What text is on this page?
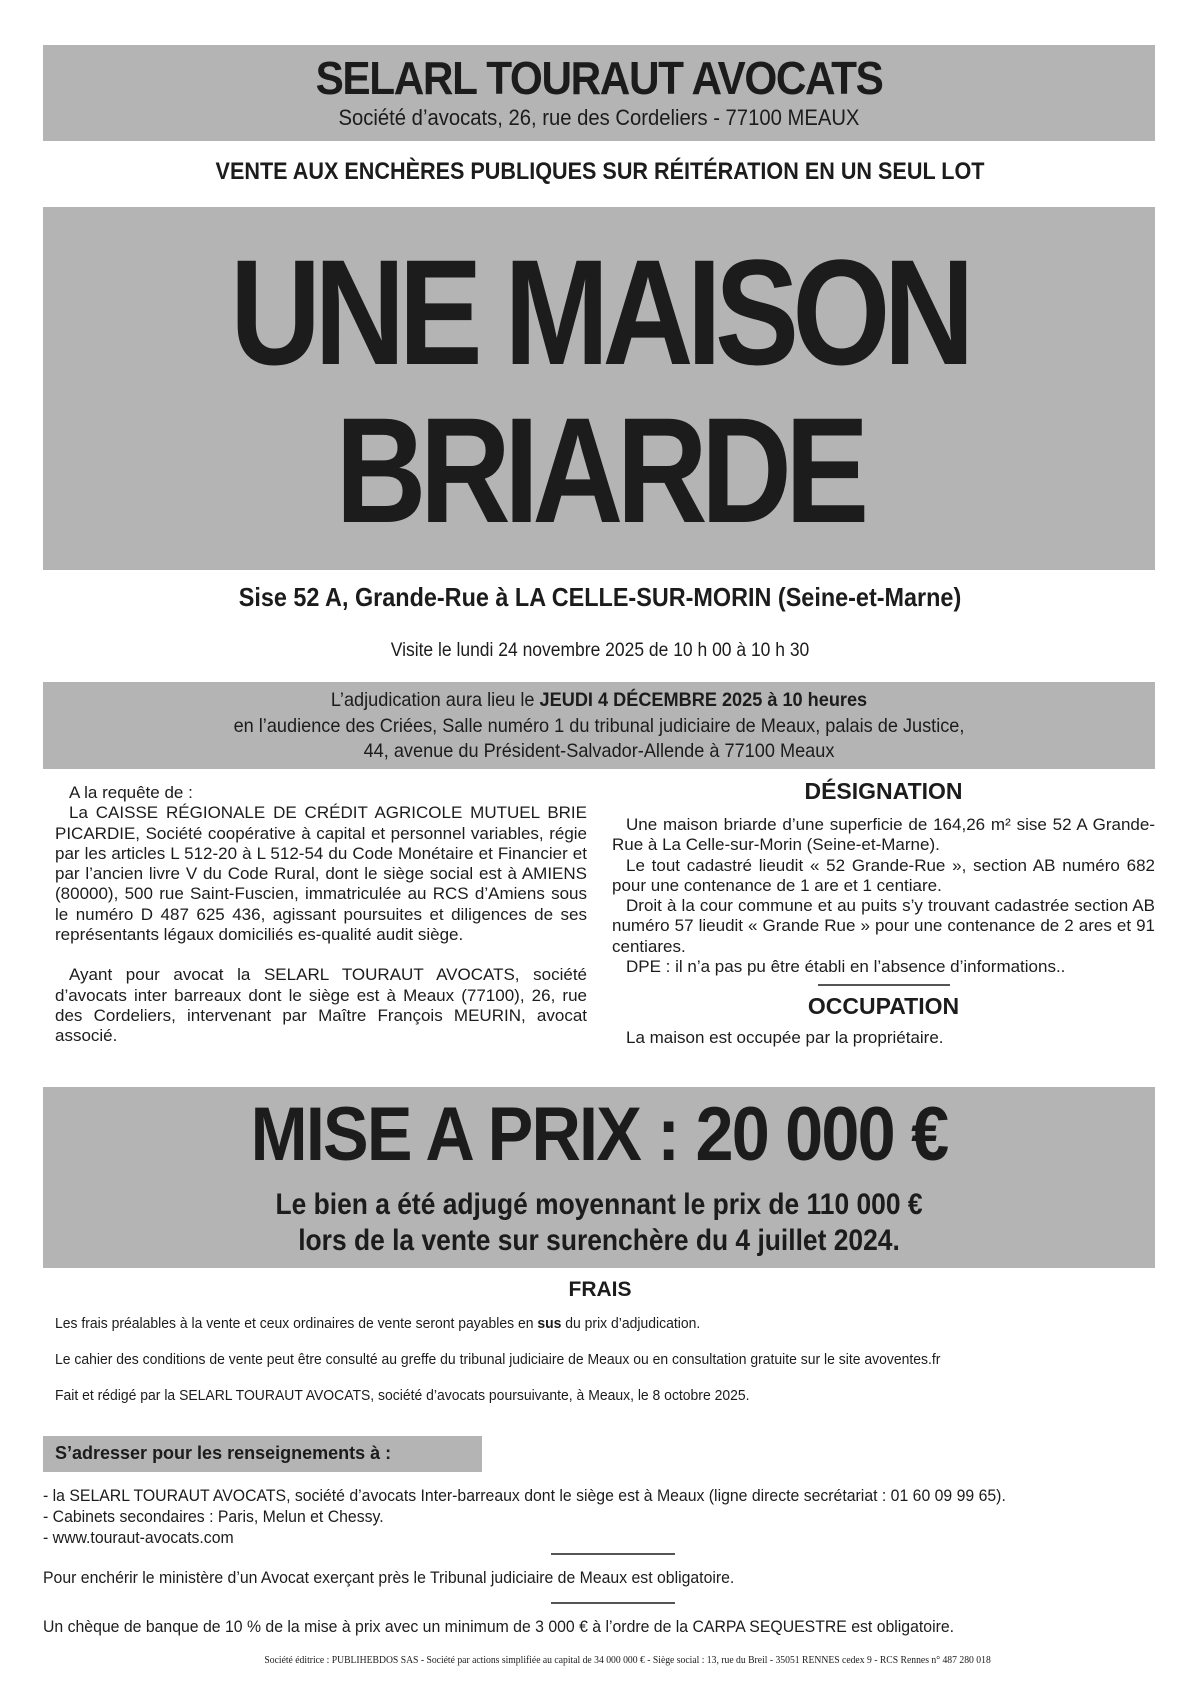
SELARL TOURAUT AVOCATS
Société d’avocats, 26, rue des Cordeliers - 77100 MEAUX
VENTE AUX ENCHÈRES PUBLIQUES SUR RÉITÉRATION EN UN SEUL LOT
UNE MAISON
BRIARDE
Sise 52 A, Grande-Rue à LA CELLE-SUR-MORIN (Seine-et-Marne)
Visite le lundi 24 novembre 2025 de 10 h 00 à 10 h 30
L’adjudication aura lieu le JEUDI 4 DÉCEMBRE 2025 à 10 heures
en l’audience des Criées, Salle numéro 1 du tribunal judiciaire de Meaux, palais de Justice,
44, avenue du Président-Salvador-Allende à 77100 Meaux

A la requête de :

La CAISSE RÉGIONALE DE CRÉDIT AGRICOLE MUTUEL BRIE PICARDIE, Société coopérative à capital et personnel variables, régie par les articles L 512-20 à L 512-54 du Code Monétaire et Financier et par l’ancien livre V du Code Rural, dont le siège social est à AMIENS (80000), 500 rue Saint-Fuscien, immatriculée au RCS d’Amiens sous le numéro D 487 625 436, agissant poursuites et diligences de ses représentants légaux domiciliés es-qualité audit siège.

Ayant pour avocat la SELARL TOURAUT AVOCATS, société d’avocats inter barreaux dont le siège est à Meaux (77100), 26, rue des Cordeliers, intervenant par Maître François MEURIN, avocat associé.

DÉSIGNATION

Une maison briarde d’une superficie de 164,26 m² sise 52 A Grande-Rue à La Celle-sur-Morin (Seine-et-Marne).

Le tout cadastré lieudit « 52 Grande-Rue », section AB numéro 682 pour une contenance de 1 are et 1 centiare.

Droit à la cour commune et au puits s’y trouvant cadastrée section AB numéro 57 lieudit « Grande Rue » pour une contenance de 2 ares et 91 centiares.

DPE : il n’a pas pu être établi en l’absence d’informations..

OCCUPATION

La maison est occupée par la propriétaire.

MISE A PRIX : 20 000 €
Le bien a été adjugé moyennant le prix de 110 000 €
lors de la vente sur surenchère du 4 juillet 2024.
FRAIS
Les frais préalables à la vente et ceux ordinaires de vente seront payables en sus du prix d’adjudication.
Le cahier des conditions de vente peut être consulté au greffe du tribunal judiciaire de Meaux ou en consultation gratuite sur le site avoventes.fr
Fait et rédigé par la SELARL TOURAUT AVOCATS, société d’avocats poursuivante, à Meaux, le 8 octobre 2025.
S’adresser pour les renseignements à :
- la SELARL TOURAUT AVOCATS, société d’avocats Inter-barreaux dont le siège est à Meaux (ligne directe secrétariat : 01 60 09 99 65).
- Cabinets secondaires : Paris, Melun et Chessy.
- www.touraut-avocats.com
Pour enchérir le ministère d’un Avocat exerçant près le Tribunal judiciaire de Meaux est obligatoire.
Un chèque de banque de 10 % de la mise à prix avec un minimum de 3 000 € à l’ordre de la CARPA SEQUESTRE est obligatoire.
Société éditrice : PUBLIHEBDOS SAS - Société par actions simplifiée au capital de 34 000 000 € - Siège social : 13, rue du Breil - 35051 RENNES cedex 9 - RCS Rennes n° 487 280 018
